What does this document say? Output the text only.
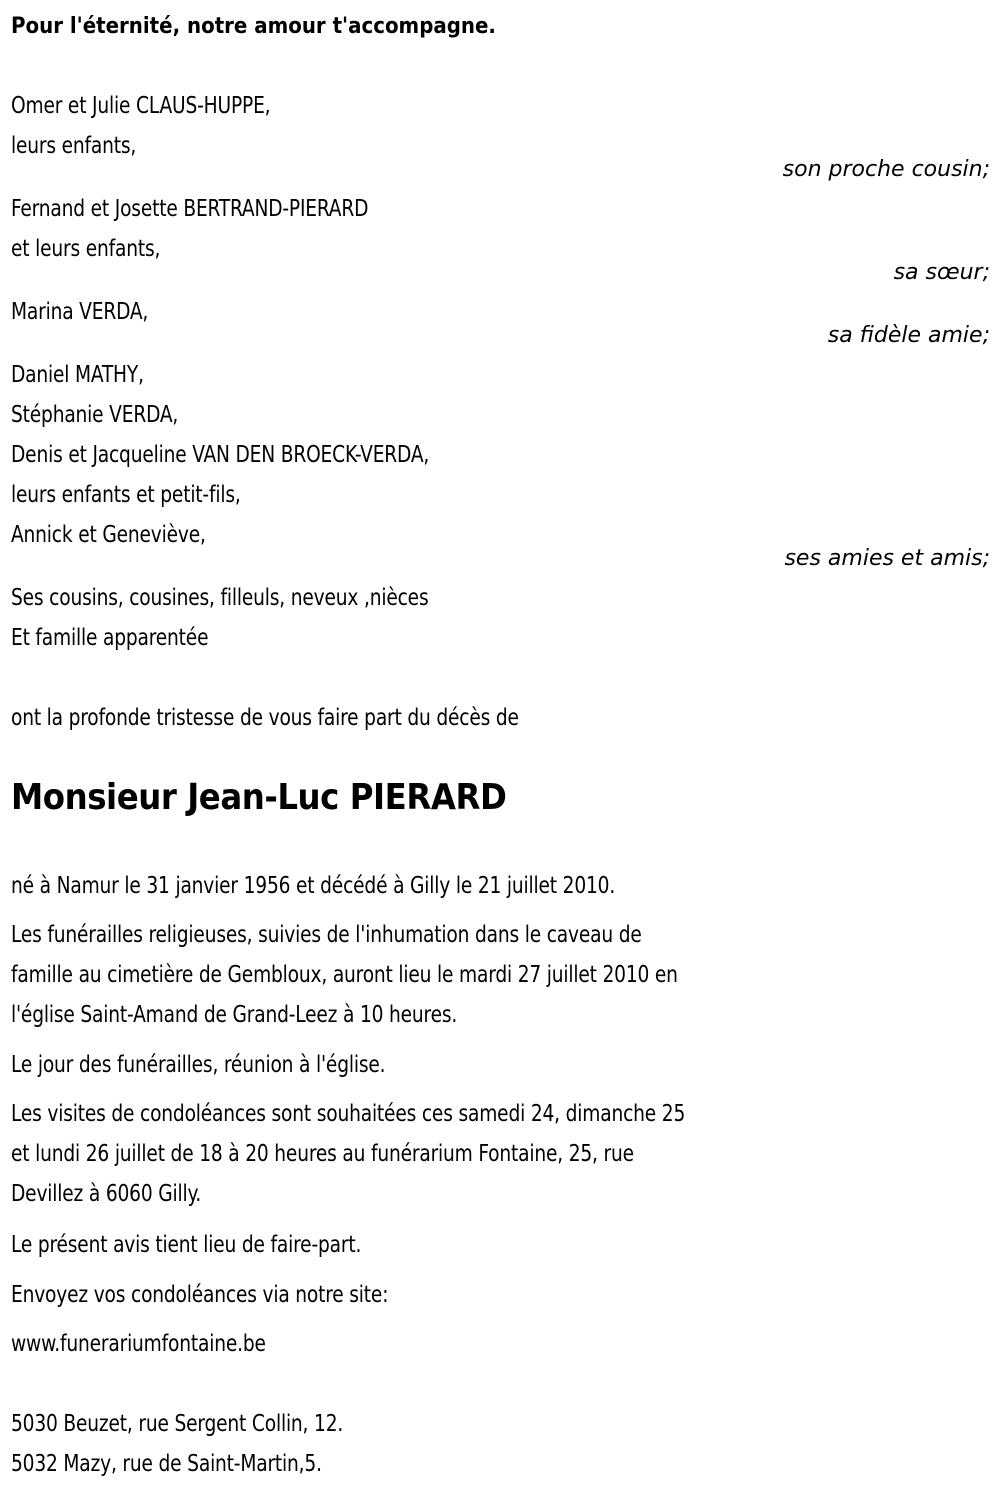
Pour l'éternité, notre amour t'accompagne.
Omer et Julie CLAUS-HUPPE,
leurs enfants,
son proche cousin;
Fernand et Josette BERTRAND-PIERARD
et leurs enfants,
sa sœur;
Marina VERDA,
sa fidèle amie;
Daniel MATHY,
Stéphanie VERDA,
Denis et Jacqueline VAN DEN BROECK-VERDA,
leurs enfants et petit-fils,
Annick et Geneviève,
ses amies et amis;
Ses cousins, cousines, filleuls, neveux ,nièces
Et famille apparentée
ont la profonde tristesse de vous faire part du décès de
Monsieur Jean-Luc PIERARD
né à Namur le 31 janvier 1956 et décédé à Gilly le 21 juillet 2010.
Les funérailles religieuses, suivies de l'inhumation dans le caveau de
famille au cimetière de Gembloux, auront lieu le mardi 27 juillet 2010 en
l'église Saint-Amand de Grand-Leez à 10 heures.
Le jour des funérailles, réunion à l'église.
Les visites de condoléances sont souhaitées ces samedi 24, dimanche 25
et lundi 26 juillet de 18 à 20 heures au funérarium Fontaine, 25, rue
Devillez à 6060 Gilly.
Le présent avis tient lieu de faire-part.
Envoyez vos condoléances via notre site:
www.funerariumfontaine.be
5030 Beuzet, rue Sergent Collin, 12.
5032 Mazy, rue de Saint-Martin,5.
